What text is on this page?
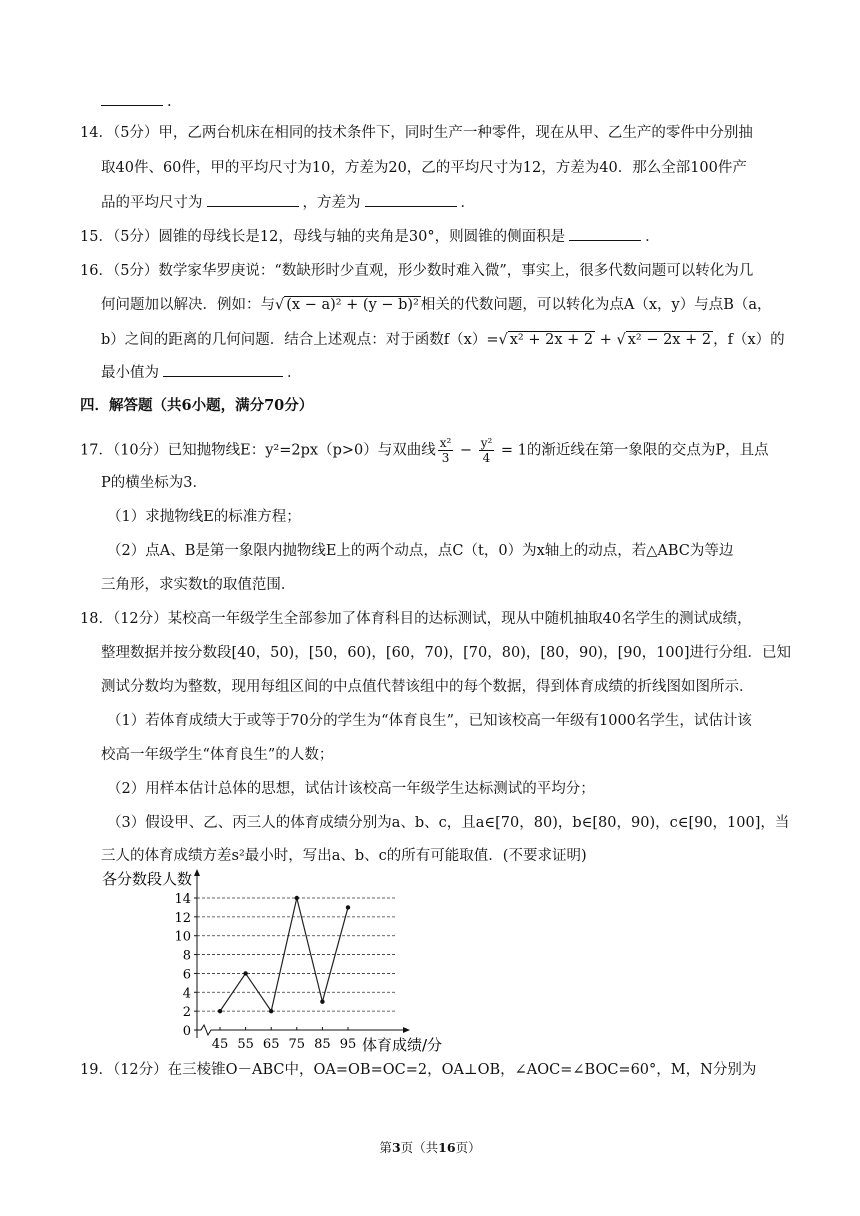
.
14．（5分）甲，乙两台机床在相同的技术条件下，同时生产一种零件，现在从甲、乙生产的零件中分别抽
取40件、60件，甲的平均尺寸为10，方差为20，乙的平均尺寸为12，方差为40．那么全部100件产
品的平均尺寸为	，方差为	．
15．（5分）圆锥的母线长是12，母线与轴的夹角是30°，则圆锥的侧面积是	．
16．（5分）数学家华罗庚说：“数缺形时少直观，形少数时难入微”，事实上，很多代数问题可以转化为几
何问题加以解决．例如：与√ (x − a)² + (y − b)² 相关的代数问题，可以转化为点A（x，y）与点B（a，
b）之间的距离的几何问题．结合上述观点：对于函数f（x）=√ x² + 2x + 2 + √ x² − 2x + 2 ，f（x）的
最小值为	．
四．解答题（共6小题，满分70分）
17．（10分）已知抛物线E：y²=2px（p>0）与双曲线 $\frac{\text{x²}}{3} - \frac{\text{y²}}{4} = 1$的渐近线在第一象限的交点为P，且点
P的横坐标为3．
（1）求抛物线E的标准方程；
（2）点A、B是第一象限内抛物线E上的两个动点，点C（t，0）为x轴上的动点，若△ABC为等边
三角形，求实数t的取值范围．
18．（12分）某校高一年级学生全部参加了体育科目的达标测试，现从中随机抽取40名学生的测试成绩，
整理数据并按分数段[40，50)，[50，60)，[60，70)，[70，80)，[80，90)，[90，100]进行分组．已知
测试分数均为整数，现用每组区间的中点值代替该组中的每个数据，得到体育成绩的折线图如图所示．
（1）若体育成绩大于或等于70分的学生为“体育良生”，已知该校高一年级有1000名学生，试估计该
校高一年级学生“体育良生”的人数；
（2）用样本估计总体的思想，试估计该校高一年级学生达标测试的平均分；
（3）假设甲、乙、丙三人的体育成绩分别为a、b、c，且a∈[70，80)，b∈[80，90)，c∈[90，100]，当
三人的体育成绩方差s²最小时，写出a、b、c的所有可能取值．(不要求证明)
0
2
4
6
8
10
12
14
45 55 65 75 85 95
各分数段人数
体育成绩/分
19．（12分）在三棱锥O－ABC中，OA=OB=OC=2，OA⊥OB，∠AOC=∠BOC=60°，M，N分别为
第3页（共16页）
